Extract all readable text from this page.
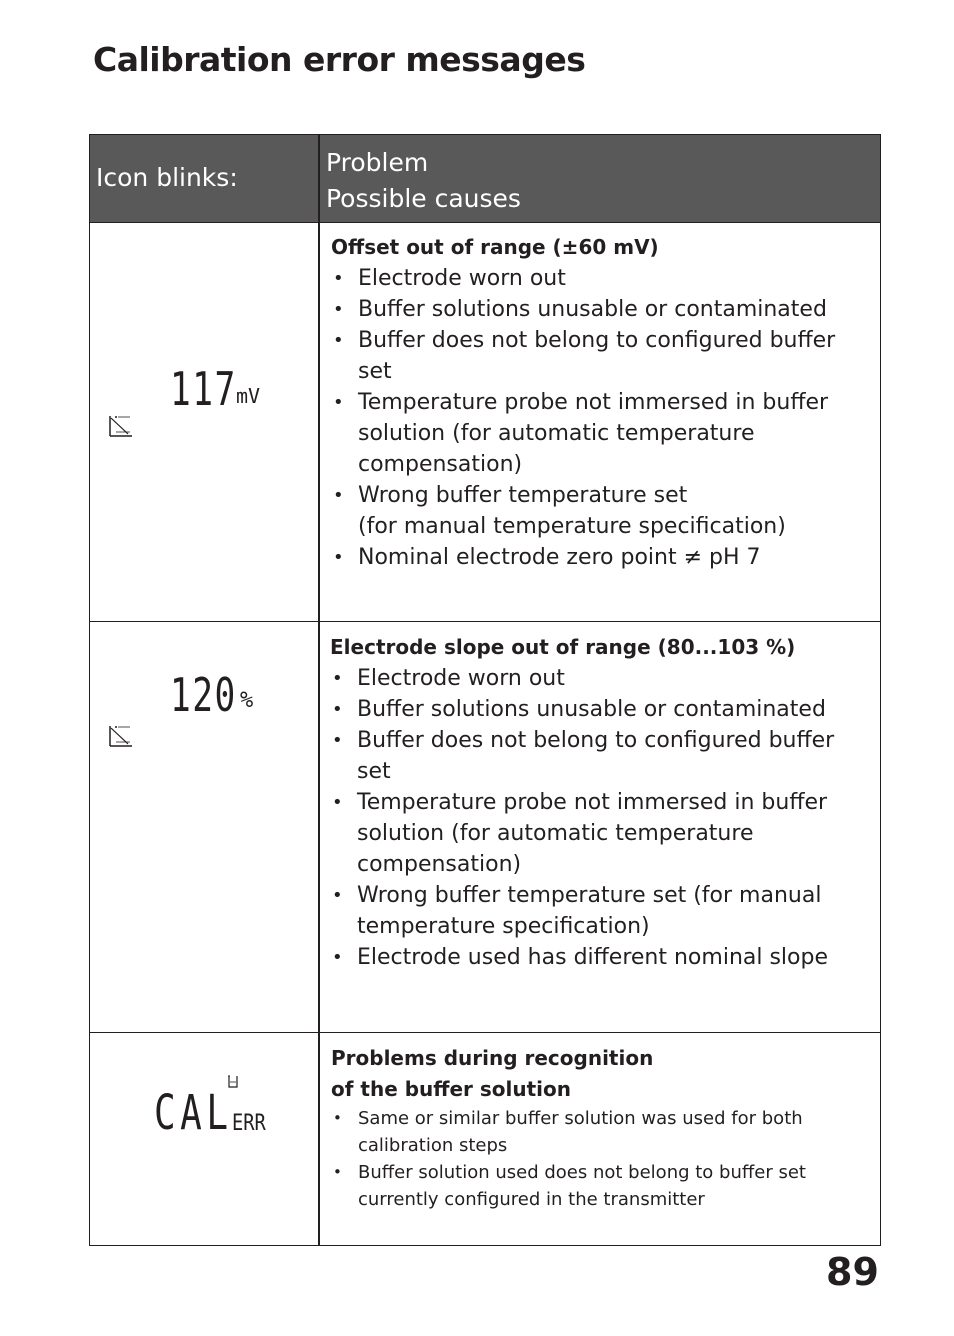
Calibration error messages
Icon blinks:
Problem
Possible causes
117 mV

Offset out of range (±60 mV)

• Electrode worn out
• Buffer solutions unusable or contaminated
• Buffer does not belong to configured buffer set
• Temperature probe not immersed in buffer solution (for automatic temperature compensation)
• Wrong buffer temperature set
(for manual temperature specification)
• Nominal electrode zero point ≠ pH 7
120 %

Electrode slope out of range (80...103 %)

• Electrode worn out
• Buffer solutions unusable or contaminated
• Buffer does not belong to configured buffer set
• Temperature probe not immersed in buffer solution (for automatic temperature compensation)
• Wrong buffer temperature set (for manual temperature specification)
• Electrode used has different nominal slope
CAL ERR

Problems during recognition

of the buffer solution

• Same or similar buffer solution was used for both calibration steps
• Buffer solution used does not belong to buffer set currently configured in the transmitter

89
